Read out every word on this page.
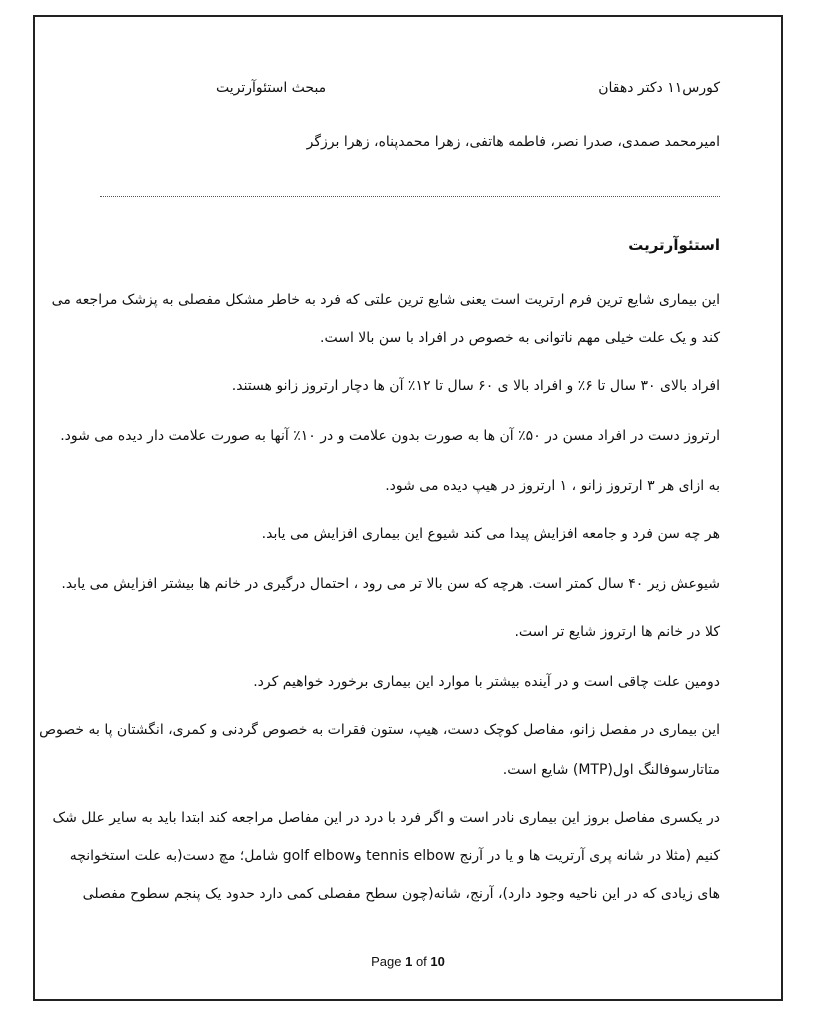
کورس۱۱ دکتر دهقان
مبحث استئوآرتریت
امیرمحمد صمدی، صدرا نصر، فاطمه هاتفی، زهرا محمدپناه، زهرا برزگر
استئوآرتریت
این بیماری شایع ترین فرم ارتریت است یعنی شایع ترین علتی که فرد به خاطر مشکل مفصلی به پزشک مراجعه می
کند و یک علت خیلی مهم ناتوانی به خصوص در افراد با سن بالا است.
افراد بالای ۳۰ سال تا ۶٪ و افراد بالا ی ۶۰ سال تا ۱۲٪ آن ها دچار ارتروز زانو هستند.
ارتروز دست در افراد مسن در ۵۰٪ آن ها به صورت بدون علامت و در ۱۰٪ آنها به صورت علامت دار دیده می شود.
به ازای هر ۳ ارتروز زانو ، ۱ ارتروز در هیپ دیده می شود.
هر چه سن فرد و جامعه افزایش پیدا می کند شیوع این بیماری افزایش می یابد.
شیوعش زیر ۴۰ سال کمتر است. هرچه که سن بالا تر می رود ، احتمال درگیری در خانم ها بیشتر افزایش می یابد.
کلا در خانم ها ارتروز شایع تر است.
دومین علت چاقی است و در آینده بیشتر با موارد این بیماری برخورد خواهیم کرد.
این بیماری در مفصل زانو، مفاصل کوچک دست، هیپ، ستون فقرات به خصوص گردنی و کمری، انگشتان پا به خصوص
متاتارسوفالنگ اول(MTP) شایع است.
در یکسری مفاصل بروز این بیماری نادر است و اگر فرد با درد در این مفاصل مراجعه کند ابتدا باید به سایر علل شک
کنیم (مثلا در شانه پری آرتریت ها و یا در آرنج tennis elbow وgolf elbow شامل؛ مچ دست(به علت استخوانچه
های زیادی که در این ناحیه وجود دارد)، آرنج، شانه(چون سطح مفصلی کمی دارد حدود یک پنجم سطوح مفصلی
Page 1 of 10
